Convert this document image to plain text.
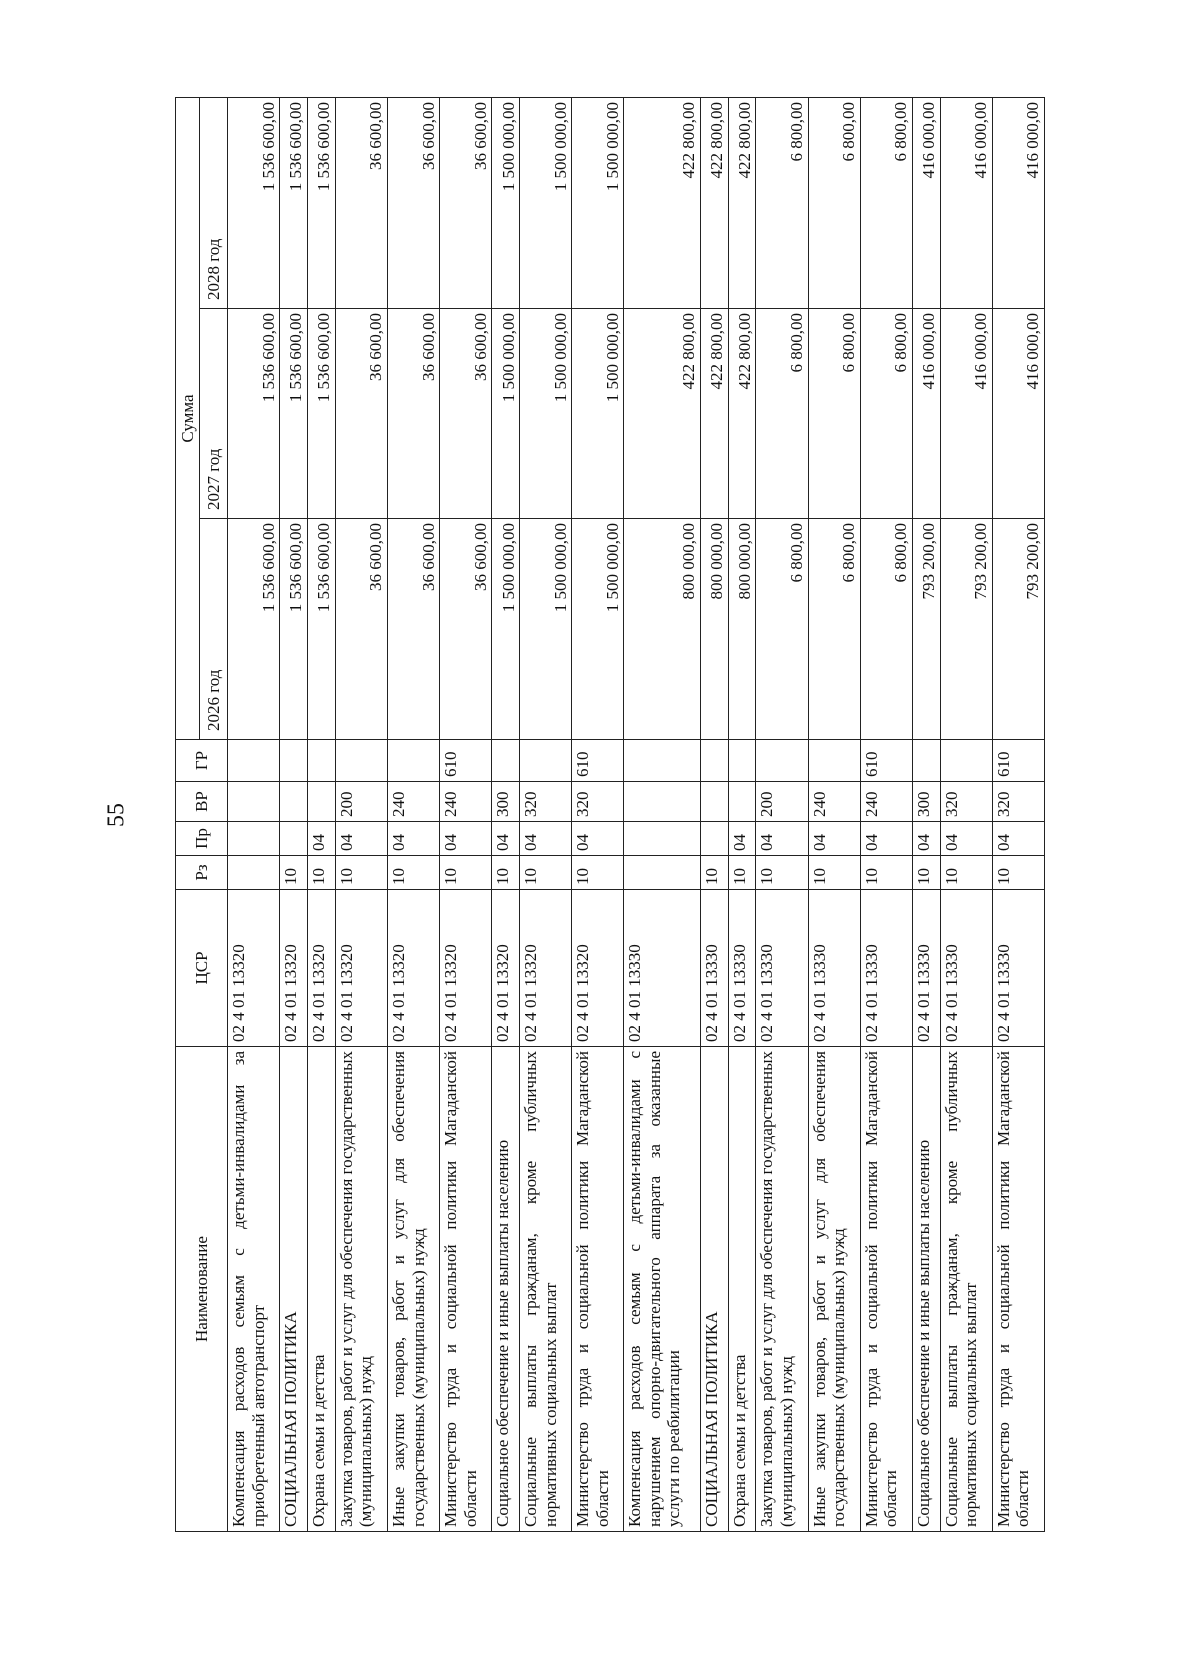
55
Наименование	ЦСР	Рз	Пр	ВР	ГР	Сумма		
						2026 год	2027 год	2028 год
Компенсация расходов семьям с детьми-инвалидами за приобретенный автотранспорт	02 4 01 13320					1 536 600,00	1 536 600,00	1 536 600,00
СОЦИАЛЬНАЯ ПОЛИТИКА	02 4 01 13320	10				1 536 600,00	1 536 600,00	1 536 600,00
Охрана семьи и детства	02 4 01 13320	10	04			1 536 600,00	1 536 600,00	1 536 600,00
Закупка товаров, работ и услуг для обеспечения государственных (муниципальных) нужд	02 4 01 13320	10	04	200		36 600,00	36 600,00	36 600,00
Иные закупки товаров, работ и услуг для обеспечения государственных (муниципальных) нужд	02 4 01 13320	10	04	240		36 600,00	36 600,00	36 600,00
Министерство труда и социальной политики Магаданской области	02 4 01 13320	10	04	240	610	36 600,00	36 600,00	36 600,00
Социальное обеспечение и иные выплаты населению	02 4 01 13320	10	04	300		1 500 000,00	1 500 000,00	1 500 000,00
Социальные выплаты гражданам, кроме публичных нормативных социальных выплат	02 4 01 13320	10	04	320		1 500 000,00	1 500 000,00	1 500 000,00
Министерство труда и социальной политики Магаданской области	02 4 01 13320	10	04	320	610	1 500 000,00	1 500 000,00	1 500 000,00
Компенсация расходов семьям с детьми-инвалидами с нарушением опорно-двигательного аппарата за оказанные услуги по реабилитации	02 4 01 13330					800 000,00	422 800,00	422 800,00
СОЦИАЛЬНАЯ ПОЛИТИКА	02 4 01 13330	10				800 000,00	422 800,00	422 800,00
Охрана семьи и детства	02 4 01 13330	10	04			800 000,00	422 800,00	422 800,00
Закупка товаров, работ и услуг для обеспечения государственных (муниципальных) нужд	02 4 01 13330	10	04	200		6 800,00	6 800,00	6 800,00
Иные закупки товаров, работ и услуг для обеспечения государственных (муниципальных) нужд	02 4 01 13330	10	04	240		6 800,00	6 800,00	6 800,00
Министерство труда и социальной политики Магаданской области	02 4 01 13330	10	04	240	610	6 800,00	6 800,00	6 800,00
Социальное обеспечение и иные выплаты населению	02 4 01 13330	10	04	300		793 200,00	416 000,00	416 000,00
Социальные выплаты гражданам, кроме публичных нормативных социальных выплат	02 4 01 13330	10	04	320		793 200,00	416 000,00	416 000,00
Министерство труда и социальной политики Магаданской области	02 4 01 13330	10	04	320	610	793 200,00	416 000,00	416 000,00
